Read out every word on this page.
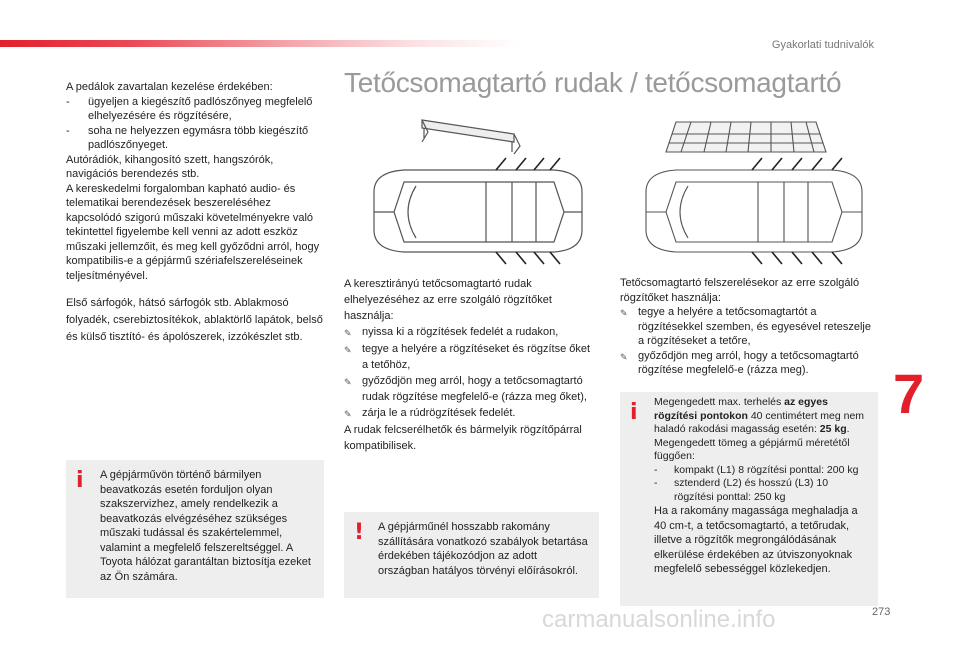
Gyakorlati tudnivalók

A pedálok zavartalan kezelése érdekében:
-	ügyeljen a kiegészítő padlószőnyeg megfelelő elhelyezésére és rögzítésére,
-	soha ne helyezzen egymásra több kiegészítő padlószőnyeget.
Autórádiók, kihangosító szett, hangszórók, navigációs berendezés stb.
A kereskedelmi forgalomban kapható audio- és telematikai berendezések beszereléséhez kapcsolódó szigorú műszaki követelményekre való tekintettel figyelembe kell venni az adott eszköz műszaki jellemzőit, és meg kell győződni arról, hogy kompatibilis-e a gépjármű szériafelszereléseinek teljesítményével.

Első sárfogók, hátsó sárfogók stb. Ablakmosó folyadék, cserebiztosítékok, ablaktörlő lapátok, belső és külső tisztító- és ápolószerek, izzókészlet stb.

i A gépjárművön történő bármilyen beavatkozás esetén forduljon olyan szakszervizhez, amely rendelkezik a beavatkozás elvégzéséhez szükséges műszaki tudással és szakértelemmel, valamint a megfelelő felszereltséggel. A Toyota hálózat garantáltan biztosítja ezeket az Ön számára.
Tetőcsomagtartó rudak / tetőcsomagtartó
A keresztirányú tetőcsomagtartó rudak elhelyezéséhez az erre szolgáló rögzítőket használja:
✎ nyissa ki a rögzítések fedelét a rudakon,
✎ tegye a helyére a rögzítéseket és rögzítse őket a tetőhöz,
✎ győződjön meg arról, hogy a tetőcsomagtartó rudak rögzítése megfelelő-e (rázza meg őket),
✎ zárja le a rúdrögzítések fedelét.
A rudak felcserélhetők és bármelyik rögzítőpárral kompatibilisek.
! A gépjárműnél hosszabb rakomány szállítására vonatkozó szabályok betartása érdekében tájékozódjon az adott országban hatályos törvényi előírásokról.
Tetőcsomagtartó felszerelésekor az erre szolgáló rögzítőket használja:
✎ tegye a helyére a tetőcsomagtartót a rögzítésekkel szemben, és egyesével reteszelje a rögzítéseket a tetőre,
✎ győződjön meg arról, hogy a tetőcsomagtartó rögzítése megfelelő-e (rázza meg).
i Megengedett max. terhelés az egyes rögzítési pontokon 40 centimétert meg nem haladó rakodási magasság esetén: 25 kg.
Megengedett tömeg a gépjármű méretétől függően:
-	kompakt (L1) 8 rögzítési ponttal: 200 kg
-	sztenderd (L2) és hosszú (L3) 10 rögzítési ponttal: 250 kg
Ha a rakomány magassága meghaladja a 40 cm-t, a tetőcsomagtartó, a tetőrudak, illetve a rögzítők megrongálódásának elkerülése érdekében az útviszonyoknak megfelelő sebességgel közlekedjen.
7
273
carmanualsonline.info
